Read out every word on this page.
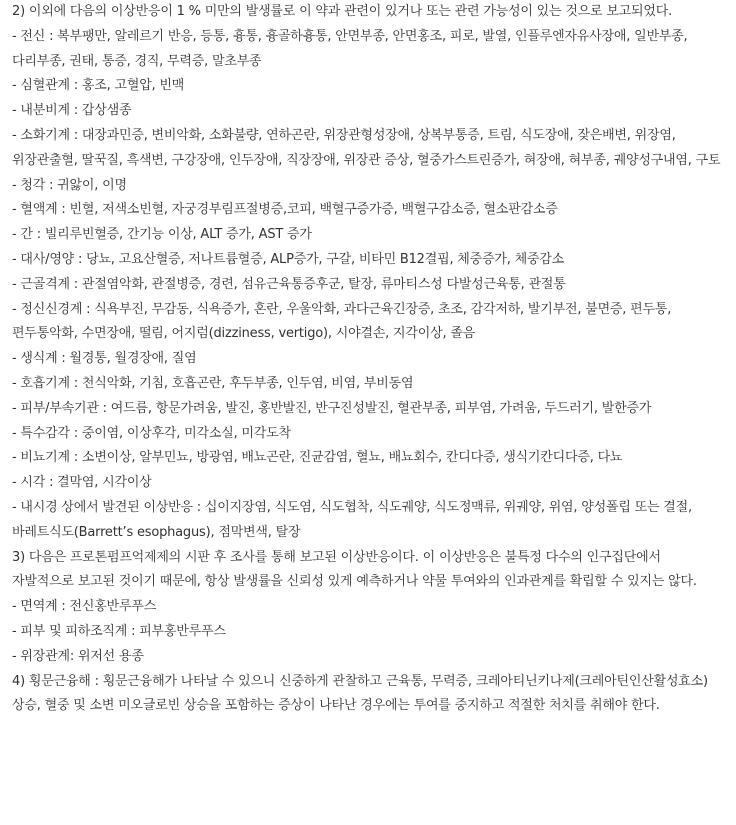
2) 이외에 다음의 이상반응이 1 % 미만의 발생률로 이 약과 관련이 있거나 또는 관련 가능성이 있는 것으로 보고되었다.

- 전신 : 복부팽만, 알레르기 반응, 등통, 흉통, 흉골하흉통, 안면부종, 안면홍조, 피로, 발열, 인플루엔자유사장애, 일반부종, 다리부종, 권태, 통증, 경직, 무력증, 말초부종

- 심혈관계 : 홍조, 고혈압, 빈맥

- 내분비계 : 갑상샘종

- 소화기계 : 대장과민증, 변비악화, 소화불량, 연하곤란, 위장관형성장애, 상복부통증, 트림, 식도장애, 잦은배변, 위장염, 위장관출혈, 딸꾹질, 흑색변, 구강장애, 인두장애, 직장장애, 위장관 증상, 혈중가스트린증가, 혀장애, 혀부종, 궤양성구내염, 구토

- 청각 : 귀앓이, 이명

- 혈액계 : 빈혈, 저색소빈혈, 자궁경부림프절병증,코피, 백혈구증가증, 백혈구감소증, 혈소판감소증

- 간 : 빌리루빈혈증, 간기능 이상, ALT 증가, AST 증가

- 대사/영양 : 당뇨, 고요산혈증, 저나트륨혈증, ALP증가, 구갈, 비타민 B12결핍, 체중증가, 체중감소

- 근골격계 : 관절염악화, 관절병증, 경련, 섬유근육통증후군, 탈장, 류마티스성 다발성근육통, 관절통

- 정신신경계 : 식욕부진, 무감동, 식욕증가, 혼란, 우울악화, 과다근육긴장증, 초조, 감각저하, 발기부전, 불면증, 편두통, 편두통악화, 수면장애, 떨림, 어지럼(dizziness, vertigo), 시야결손, 지각이상, 졸음

- 생식계 : 월경통, 월경장애, 질염

- 호흡기계 : 천식악화, 기침, 호흡곤란, 후두부종, 인두염, 비염, 부비동염

- 피부/부속기관 : 여드름, 항문가려움, 발진, 홍반발진, 반구진성발진, 혈관부종, 피부염, 가려움, 두드러기, 발한증가

- 특수감각 : 중이염, 이상후각, 미각소실, 미각도착

- 비뇨기계 : 소변이상, 알부민뇨, 방광염, 배뇨곤란, 진균감염, 혈뇨, 배뇨회수, 칸디다증, 생식기칸디다증, 다뇨

- 시각 : 결막염, 시각이상

- 내시경 상에서 발견된 이상반응 : 십이지장염, 식도염, 식도협착, 식도궤양, 식도정맥류, 위궤양, 위염, 양성폴립 또는 결절, 바레트식도(Barrett’s esophagus), 점막변색, 탈장

3) 다음은 프로톤펌프억제제의 시판 후 조사를 통해 보고된 이상반응이다. 이 이상반응은 불특정 다수의 인구집단에서 자발적으로 보고된 것이기 때문에, 항상 발생률을 신뢰성 있게 예측하거나 약물 투여와의 인과관계를 확립할 수 있지는 않다.

- 면역계 : 전신홍반루푸스

- 피부 및 피하조직계 : 피부홍반루푸스

- 위장관계: 위저선 용종

4) 횡문근융해 : 횡문근융해가 나타날 수 있으니 신중하게 관찰하고 근육통, 무력증, 크레아티닌키나제(크레아틴인산활성효소) 상승, 혈중 및 소변 미오글로빈 상승을 포함하는 증상이 나타난 경우에는 투여를 중지하고 적절한 처치를 취해야 한다.
